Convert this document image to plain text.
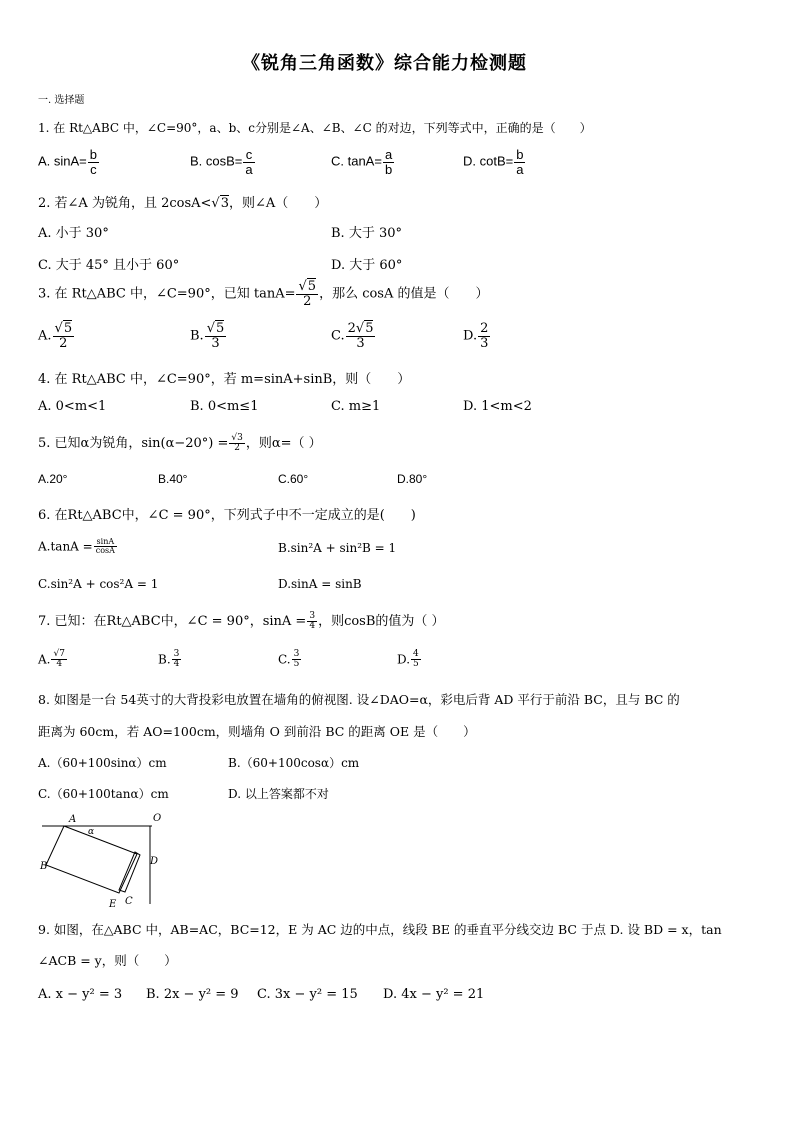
《锐角三角函数》综合能力检测题
一. 选择题
1. 在 Rt△ABC 中，∠C=90°，a、b、c分别是∠A、∠B、∠C 的对边，下列等式中，正确的是（　　）
A. $\sin A= \frac{b}{c}$	B. $\cos B= \frac{c}{a}$	C. $\tan A= \frac{a}{b}$	D. $\cot B= \frac{b}{a}$
2. 若∠A 为锐角，且 2cosA<√3，则∠A（　　）
A. 小于 30°	B. 大于 30°
C. 大于 45° 且小于 60°	D. 大于 60°
3. 在 Rt△ABC 中，∠C=90°，已知 $\tan A= \frac{√5}{2}$ ，那么 cosA 的值是（　　）
A. $\frac{√5}{2}$	B. $\frac{√5}{3}$	C. $\frac{2√5}{3}$	D. $\frac{2}{3}$
4. 在 Rt△ABC 中，∠C=90°，若 m=sinA+sinB，则（　　）
A. 0<m<1	B. 0<m≤1	C. m≥1	D. 1<m<2
5. 已知α为锐角，$\sin(\alpha-20^\circ) = \frac{√3}{2}$ ，则α=（ ）
A.20°	B.40°	C.60°	D.80°
6. 在Rt△ABC中，∠C = 90°，下列式子中不一定成立的是(　　)
$A.\tan A = \frac{\sin A}{\cos A}$	B.sin²A + sin²B = 1
C.sin²A + cos²A = 1	D.sinA = sinB
7. 已知：在Rt△ABC中，∠C = 90°，$\sin A = \frac{3}{4}$ ，则cosB的值为（ ）
A. $\frac{√7}{4}$	B. $\frac{3}{4}$	C. $\frac{3}{5}$	D. $\frac{4}{5}$
8. 如图是一台 54英寸的大背投彩电放置在墙角的俯视图. 设∠DAO=α，彩电后背 AD 平行于前沿 BC，且与 BC 的
距离为 60cm，若 AO=100cm，则墙角 O 到前沿 BC 的距离 OE 是（　　）
A.（60+100sinα）cm	B.（60+100cosα）cm
C.（60+100tanα）cm	D. 以上答案都不对
A	O
α
D
B
E C
9. 如图，在△ABC 中，AB=AC，BC=12，E 为 AC 边的中点，线段 BE 的垂直平分线交边 BC 于点 D. 设 BD = x，tan
∠ACB = y，则（　　）
A. x − y² = 3 B. 2x − y² = 9 C. 3x − y² = 15 D. 4x − y² = 21
